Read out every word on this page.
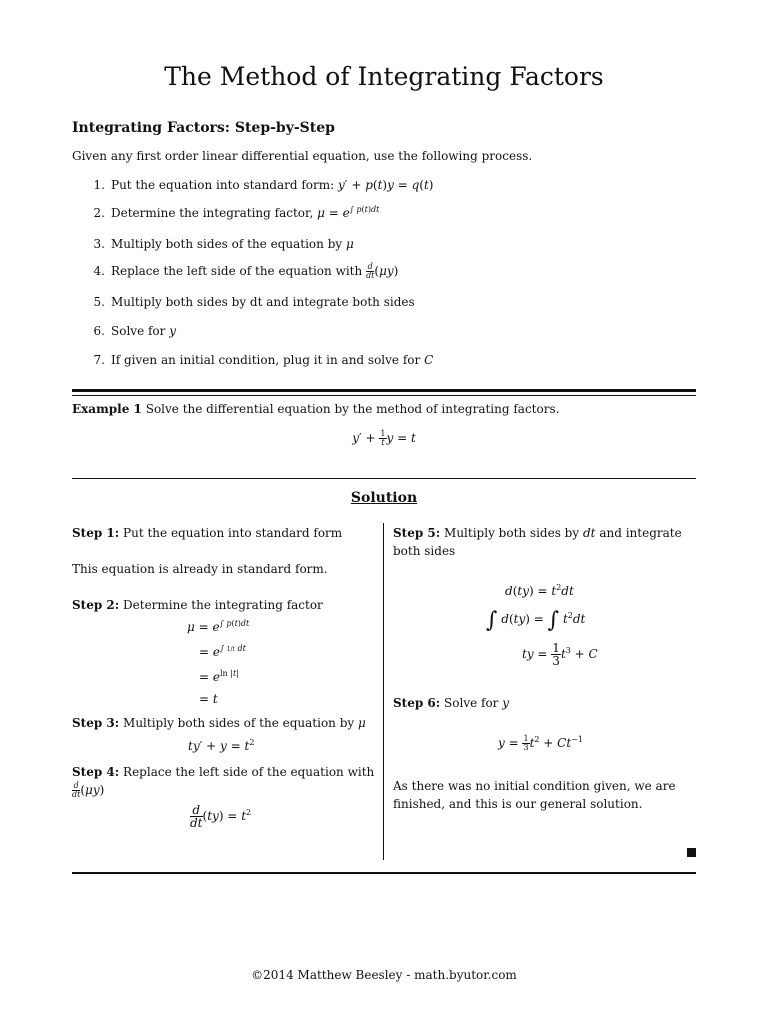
The Method of Integrating Factors
Integrating Factors: Step-by-Step
Given any first order linear differential equation, use the following process.
1. Put the equation into standard form: y′ + p(t)y = q(t)
2. Determine the integrating factor, $\mu = e^{\int p(t)dt}$
3. Multiply both sides of the equation by μ
4. Replace the left side of the equation with $\frac{d}{dt} (\mu y)$
5. Multiply both sides by dt and integrate both sides
6. Solve for y
7. If given an initial condition, plug it in and solve for C
Example 1 Solve the differential equation by the method of integrating factors.
$y' + \frac{1}{t}$ y = t
Solution
Step 1: Put the equation into standard form
This equation is already in standard form.
Step 2: Determine the integrating factor
$\mu = e^{\int p(t)dt}$
= $e^{\int 1/t dt}$
= $e^{ln |t|}$
= t
Step 3: Multiply both sides of the equation by μ
$ty' + y = t^2$
Step 4: Replace the left side of the equation with
$\frac{d}{dt} (\mu y)$
$\frac{d}{dt} (ty) = t^2$
Step 5: Multiply both sides by dt and integrate
both sides
$d(ty) = t^2dt$
∫ d(ty) = ∫ $t^2dt$
ty = $\frac{1}{3} t^3 + C$
Step 6: Solve for y
$y = \frac{1}{3} t^2 + Ct^{-1}$
As there was no initial condition given, we are
finished, and this is our general solution.
©2014 Matthew Beesley - math.byutor.com
